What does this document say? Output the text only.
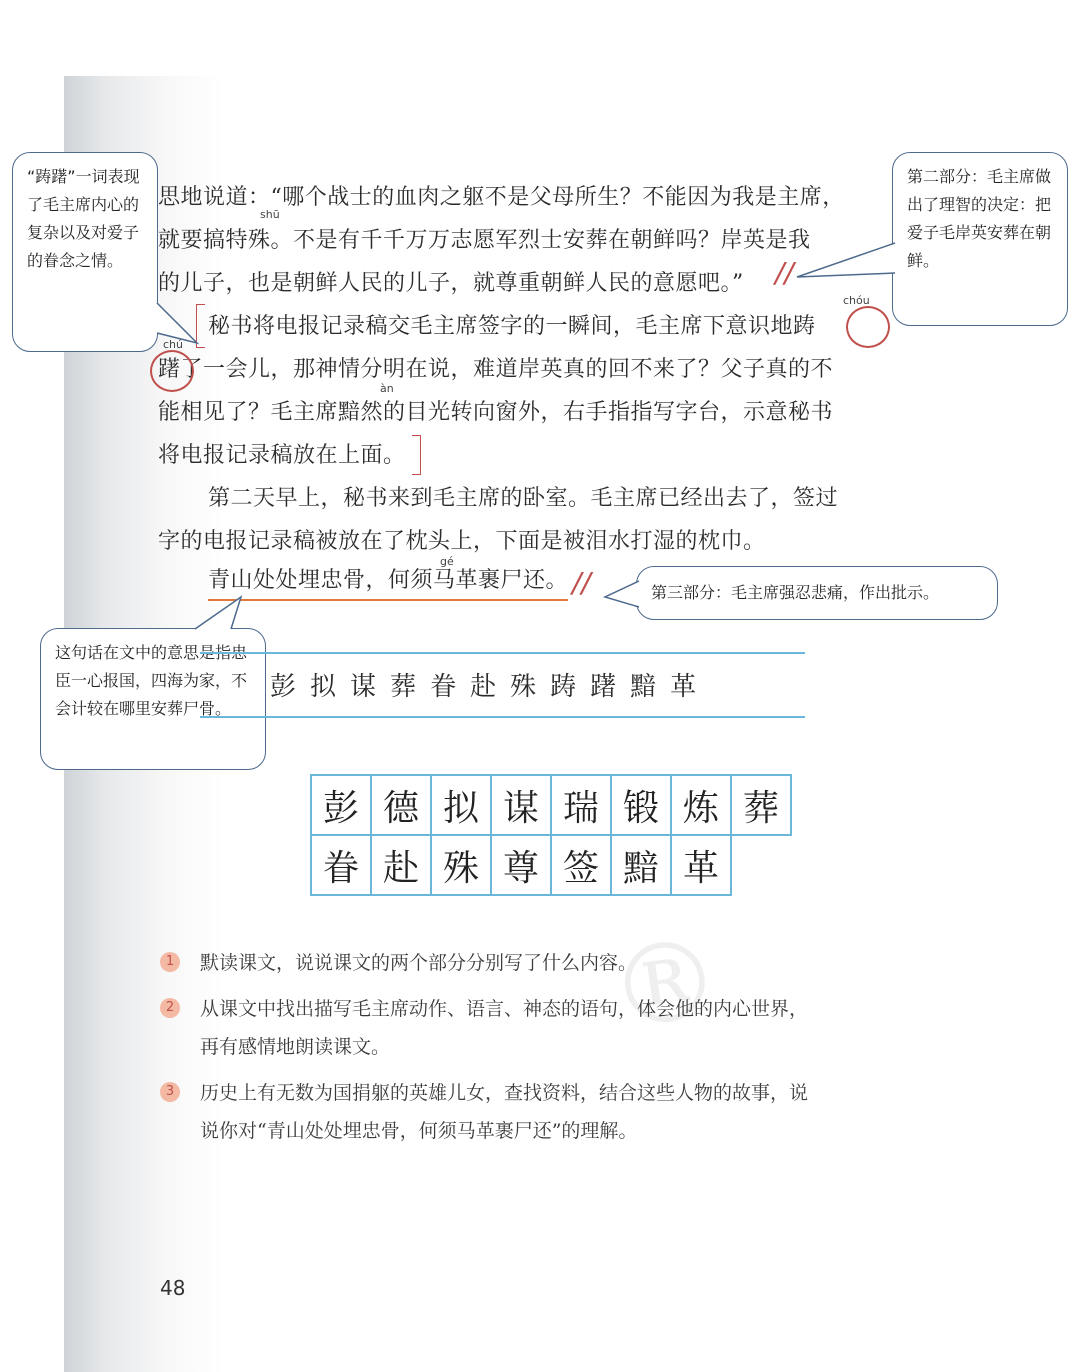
®
思地说道：“哪个战士的血肉之躯不是父母所生？不能因为我是主席，
shū
就要搞特殊。不是有千千万万志愿军烈士安葬在朝鲜吗？岸英是我
的儿子，也是朝鲜人民的儿子，就尊重朝鲜人民的意愿吧。” //
chóu
秘书将电报记录稿交毛主席签字的一瞬间，毛主席下意识地踌
chú
躇了一会儿，那神情分明在说，难道岸英真的回不来了？父子真的不
àn
能相见了？毛主席黯然的目光转向窗外，右手指指写字台，示意秘书
将电报记录稿放在上面。
第二天早上，秘书来到毛主席的卧室。毛主席已经出去了，签过
字的电报记录稿被放在了枕头上，下面是被泪水打湿的枕巾。
gé
青山处处埋忠骨，何须马革裹尸还。 //
“踌躇”一词表现了毛主席内心的复杂以及对爱子的眷念之情。
第二部分：毛主席做出了理智的决定：把爱子毛岸英安葬在朝鲜。
第三部分：毛主席强忍悲痛，作出批示。
这句话在文中的意思是指忠臣一心报国，四海为家，不会计较在哪里安葬尸骨。
彭 拟 谋 葬 眷 赴 殊 踌 躇 黯 革
彭	德	拟	谋	瑞	锻	炼	葬
眷	赴	殊	尊	签	黯	革	
1	默读课文，说说课文的两个部分分别写了什么内容。
2	从课文中找出描写毛主席动作、语言、神态的语句，体会他的内心世界，
再有感情地朗读课文。
3	历史上有无数为国捐躯的英雄儿女，查找资料，结合这些人物的故事，说
说你对“青山处处埋忠骨，何须马革裹尸还”的理解。
48
